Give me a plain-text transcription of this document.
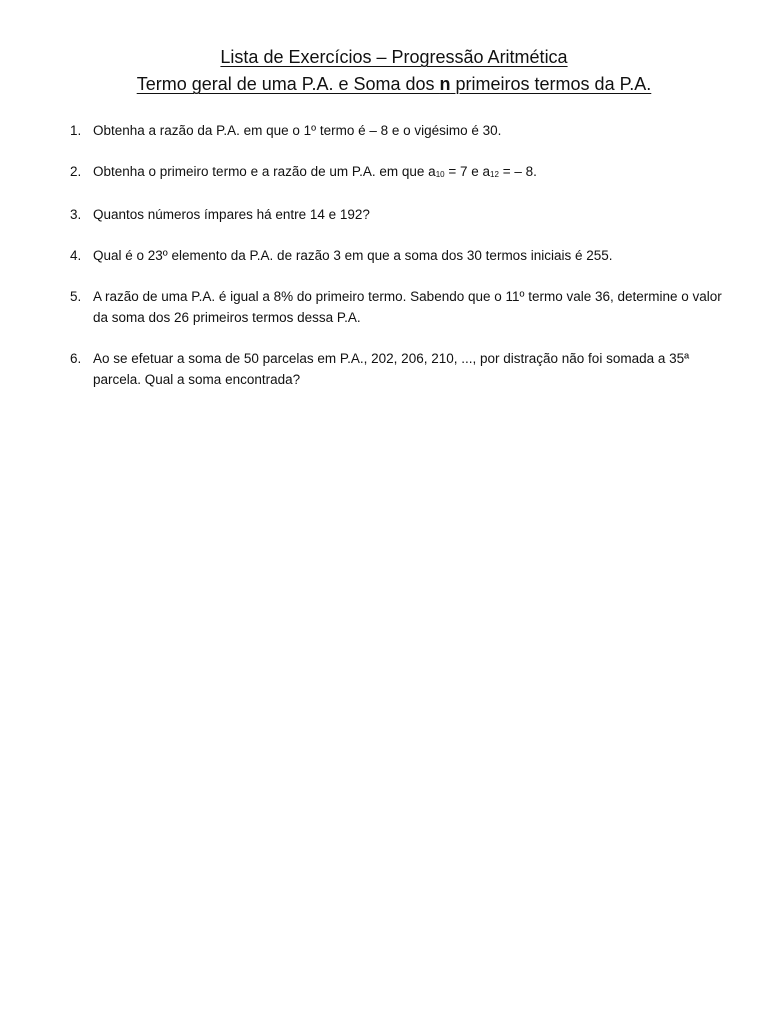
Lista de Exercícios – Progressão Aritmética
Termo geral de uma P.A. e Soma dos n primeiros termos da P.A.
1. Obtenha a razão da P.A. em que o 1º termo é – 8 e o vigésimo é 30.
2. Obtenha o primeiro termo e a razão de um P.A. em que $a_{10} = 7$ e $a_{12}$ = – 8.
3. Quantos números ímpares há entre 14 e 192?
4. Qual é o 23º elemento da P.A. de razão 3 em que a soma dos 30 termos iniciais é 255.
5. A razão de uma P.A. é igual a 8% do primeiro termo. Sabendo que o 11º termo vale 36, determine o valor da soma dos 26 primeiros termos dessa P.A.
6. Ao se efetuar a soma de 50 parcelas em P.A., 202, 206, 210, ..., por distração não foi somada a 35ª parcela. Qual a soma encontrada?
